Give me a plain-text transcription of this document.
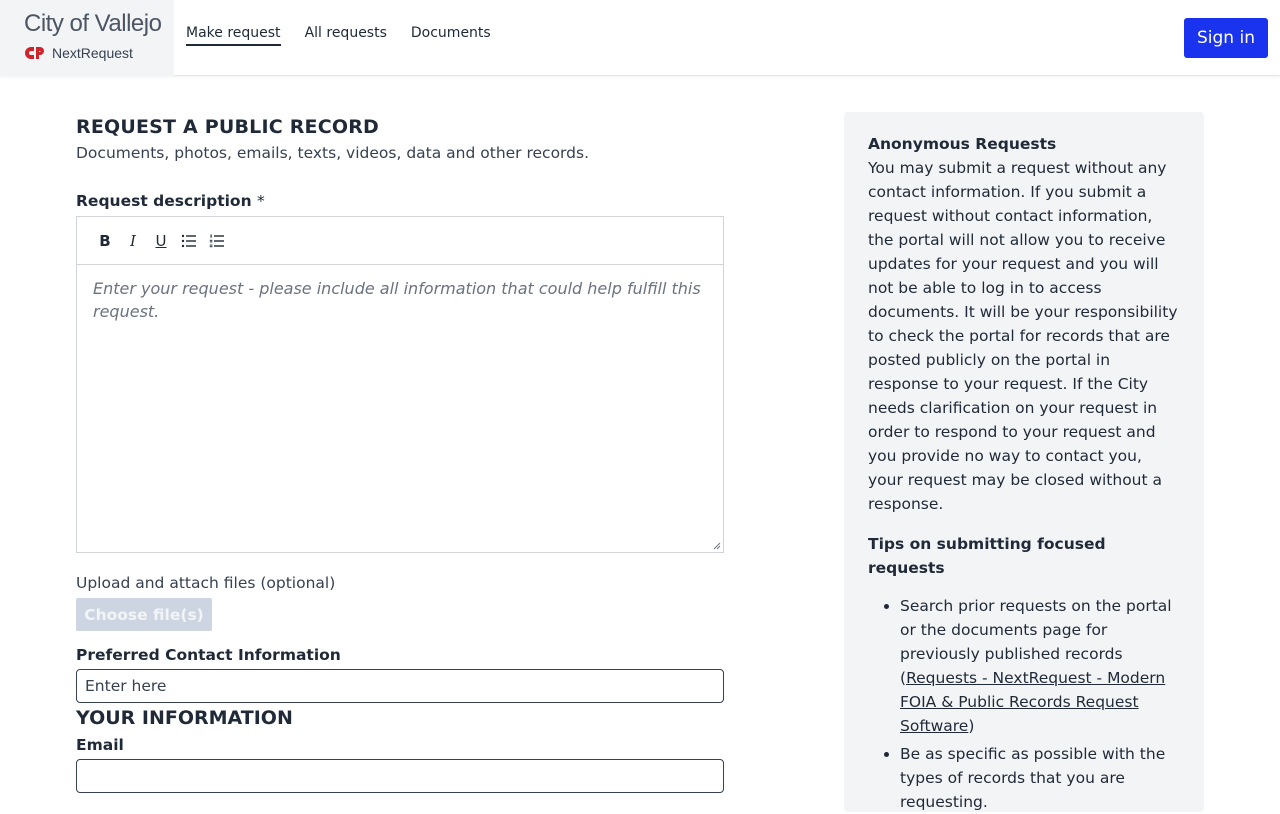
City of Vallejo
NextRequest
Make request All requests Documents	Sign in
REQUEST A PUBLIC RECORD
Documents, photos, emails, texts, videos, data and other records.
Request description *
B	I	U
Enter your request - please include all information that could help fulfill this request.
Upload and attach files (optional)
Choose file(s)
Preferred Contact Information
Enter here
YOUR INFORMATION
Email
Anonymous Requests

You may submit a request without any contact information. If you submit a request without contact information, the portal will not allow you to receive updates for your request and you will not be able to log in to access documents. It will be your responsibility to check the portal for records that are posted publicly on the portal in response to your request. If the City needs clarification on your request in order to respond to your request and you provide no way to contact you, your request may be closed without a response.

Tips on submitting focused requests
• Search prior requests on the portal or the documents page for previously published records (Requests - NextRequest - Modern FOIA & Public Records Request Software)
• Be as specific as possible with the types of records that you are requesting.
